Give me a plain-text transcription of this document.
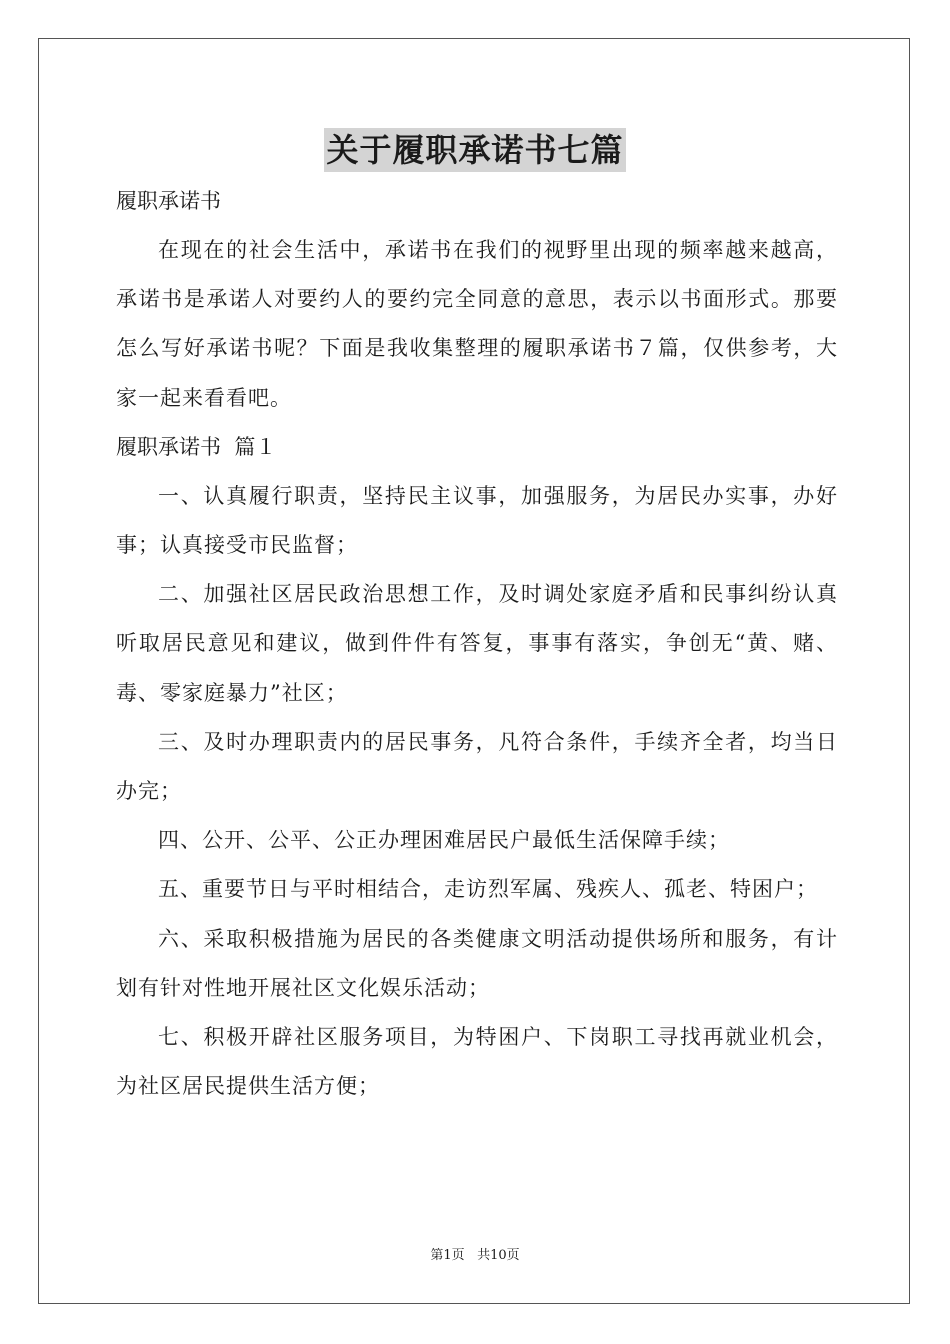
关于履职承诺书七篇

履职承诺书

在现在的社会生活中，承诺书在我们的视野里出现的频率越来越高，承诺书是承诺人对要约人的要约完全同意的意思，表示以书面形式。那要怎么写好承诺书呢？下面是我收集整理的履职承诺书７篇，仅供参考，大家一起来看看吧。

履职承诺书  篇１

一、认真履行职责，坚持民主议事，加强服务，为居民办实事，办好事；认真接受市民监督；

二、加强社区居民政治思想工作，及时调处家庭矛盾和民事纠纷认真听取居民意见和建议，做到件件有答复，事事有落实，争创无“黄、赌、毒、零家庭暴力”社区；

三、及时办理职责内的居民事务，凡符合条件，手续齐全者，均当日办完；

四、公开、公平、公正办理困难居民户最低生活保障手续；

五、重要节日与平时相结合，走访烈军属、残疾人、孤老、特困户；

六、采取积极措施为居民的各类健康文明活动提供场所和服务，有计划有针对性地开展社区文化娱乐活动；

七、积极开辟社区服务项目，为特困户、下岗职工寻找再就业机会，为社区居民提供生活方便；

第1页 共10页
